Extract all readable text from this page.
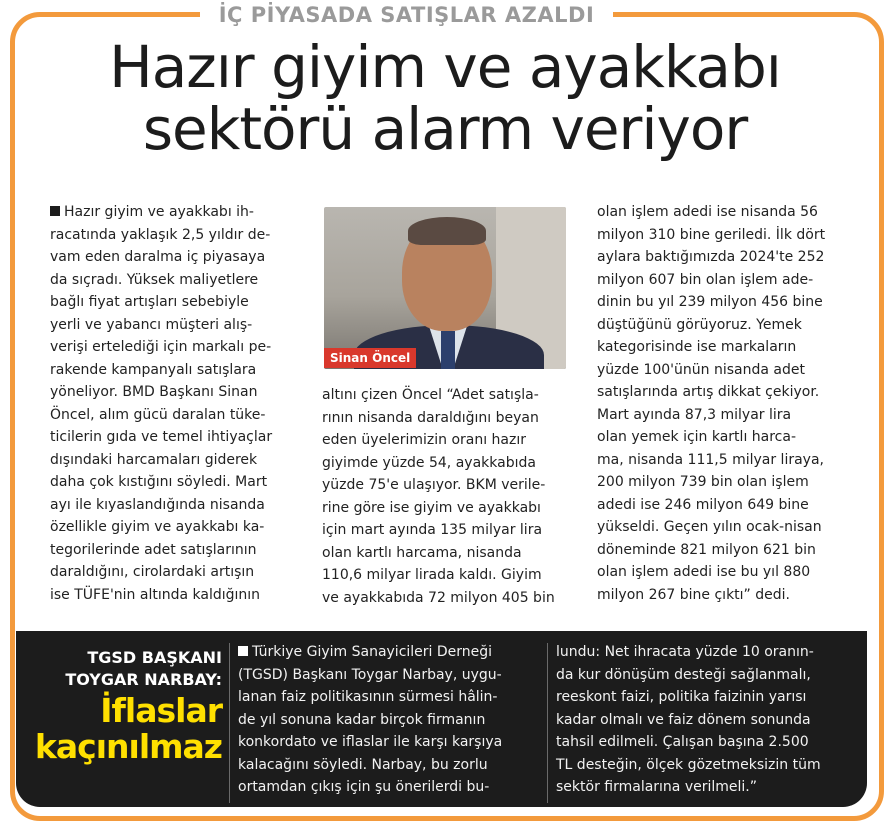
İÇ PİYASADA SATIŞLAR AZALDI
Hazır giyim ve ayakkabı
sektörü alarm veriyor
Hazır giyim ve ayakkabı ih-
racatında yaklaşık 2,5 yıldır de-
vam eden daralma iç piyasaya
da sıçradı. Yüksek maliyetlere
bağlı fiyat artışları sebebiyle
yerli ve yabancı müşteri alış-
verişi ertelediği için markalı pe-
rakende kampanyalı satışlara
yöneliyor. BMD Başkanı Sinan
Öncel, alım gücü daralan tüke-
ticilerin gıda ve temel ihtiyaçlar
dışındaki harcamaları giderek
daha çok kıstığını söyledi. Mart
ayı ile kıyaslandığında nisanda
özellikle giyim ve ayakkabı ka-
tegorilerinde adet satışlarının
daraldığını, cirolardaki artışın
ise TÜFE'nin altında kaldığının
Sinan Öncel
altını çizen Öncel “Adet satışla-
rının nisanda daraldığını beyan
eden üyelerimizin oranı hazır
giyimde yüzde 54, ayakkabıda
yüzde 75'e ulaşıyor. BKM verile-
rine göre ise giyim ve ayakkabı
için mart ayında 135 milyar lira
olan kartlı harcama, nisanda
110,6 milyar lirada kaldı. Giyim
ve ayakkabıda 72 milyon 405 bin
olan işlem adedi ise nisanda 56
milyon 310 bine geriledi. İlk dört
aylara baktığımızda 2024'te 252
milyon 607 bin olan işlem ade-
dinin bu yıl 239 milyon 456 bine
düştüğünü görüyoruz. Yemek
kategorisinde ise markaların
yüzde 100'ünün nisanda adet
satışlarında artış dikkat çekiyor.
Mart ayında 87,3 milyar lira
olan yemek için kartlı harca-
ma, nisanda 111,5 milyar liraya,
200 milyon 739 bin olan işlem
adedi ise 246 milyon 649 bine
yükseldi. Geçen yılın ocak-nisan
döneminde 821 milyon 621 bin
olan işlem adedi ise bu yıl 880
milyon 267 bine çıktı” dedi.
TGSD BAŞKANI
TOYGAR NARBAY:
İflaslar
kaçınılmaz
Türkiye Giyim Sanayicileri Derneği
(TGSD) Başkanı Toygar Narbay, uygu-
lanan faiz politikasının sürmesi hâlin-
de yıl sonuna kadar birçok firmanın
konkordato ve iflaslar ile karşı karşıya
kalacağını söyledi. Narbay, bu zorlu
ortamdan çıkış için şu önerilerdi bu-
lundu: Net ihracata yüzde 10 oranın-
da kur dönüşüm desteği sağlanmalı,
reeskont faizi, politika faizinin yarısı
kadar olmalı ve faiz dönem sonunda
tahsil edilmeli. Çalışan başına 2.500
TL desteğin, ölçek gözetmeksizin tüm
sektör firmalarına verilmeli.”
